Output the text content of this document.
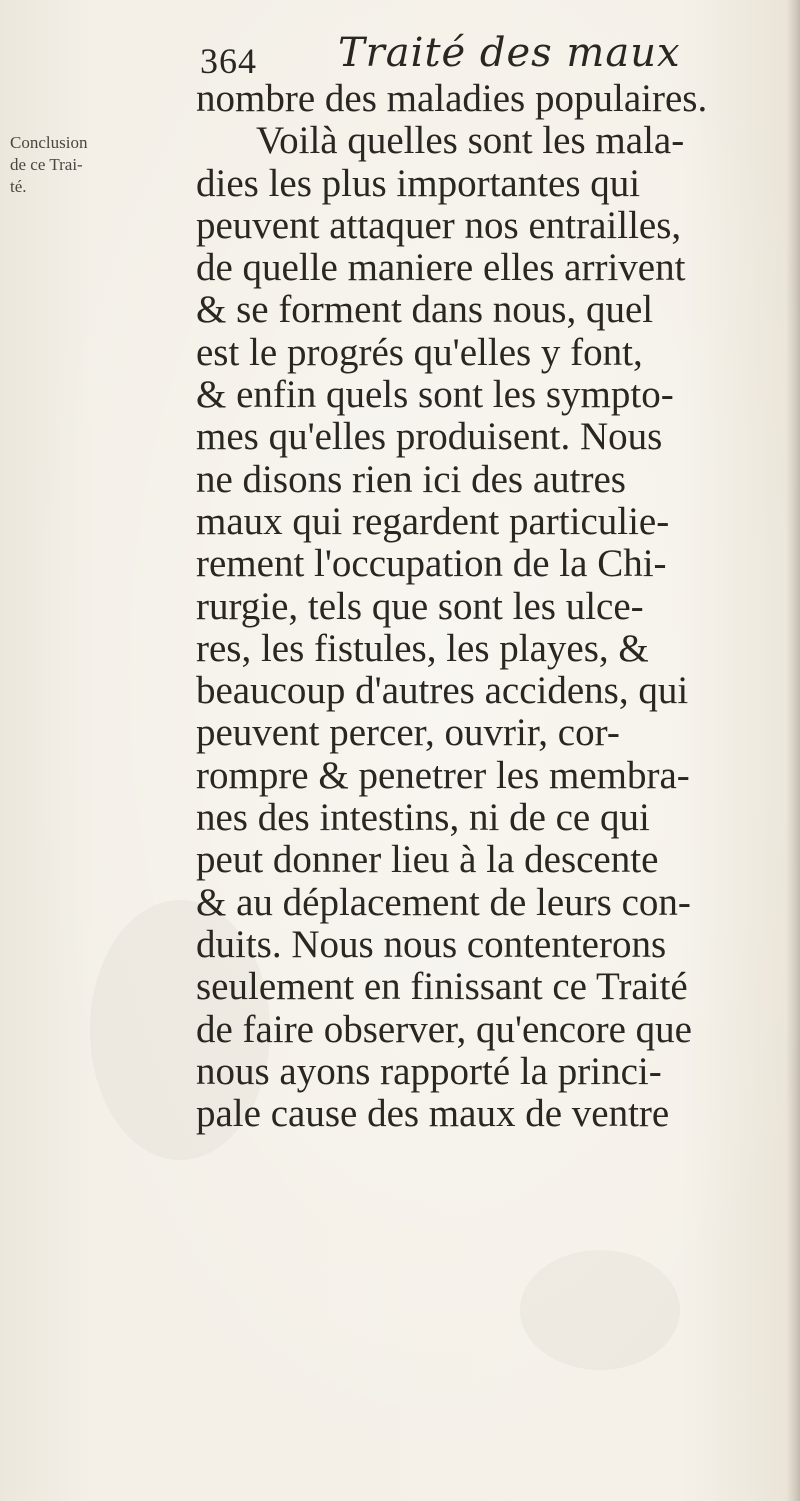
364 Traité des maux
Conclusion
de ce Trai-
té.
nombre des maladies populaires.
Voilà quelles sont les mala-
dies les plus importantes qui
peuvent attaquer nos entrailles,
de quelle maniere elles arrivent
& se forment dans nous, quel
est le progrés qu'elles y font,
& enfin quels sont les sympto-
mes qu'elles produisent. Nous
ne disons rien ici des autres
maux qui regardent particulie-
rement l'occupation de la Chi-
rurgie, tels que sont les ulce-
res, les fistules, les playes, &
beaucoup d'autres accidens, qui
peuvent percer, ouvrir, cor-
rompre & penetrer les membra-
nes des intestins, ni de ce qui
peut donner lieu à la descente
& au déplacement de leurs con-
duits. Nous nous contenterons
seulement en finissant ce Traité
de faire observer, qu'encore que
nous ayons rapporté la princi-
pale cause des maux de ventre
